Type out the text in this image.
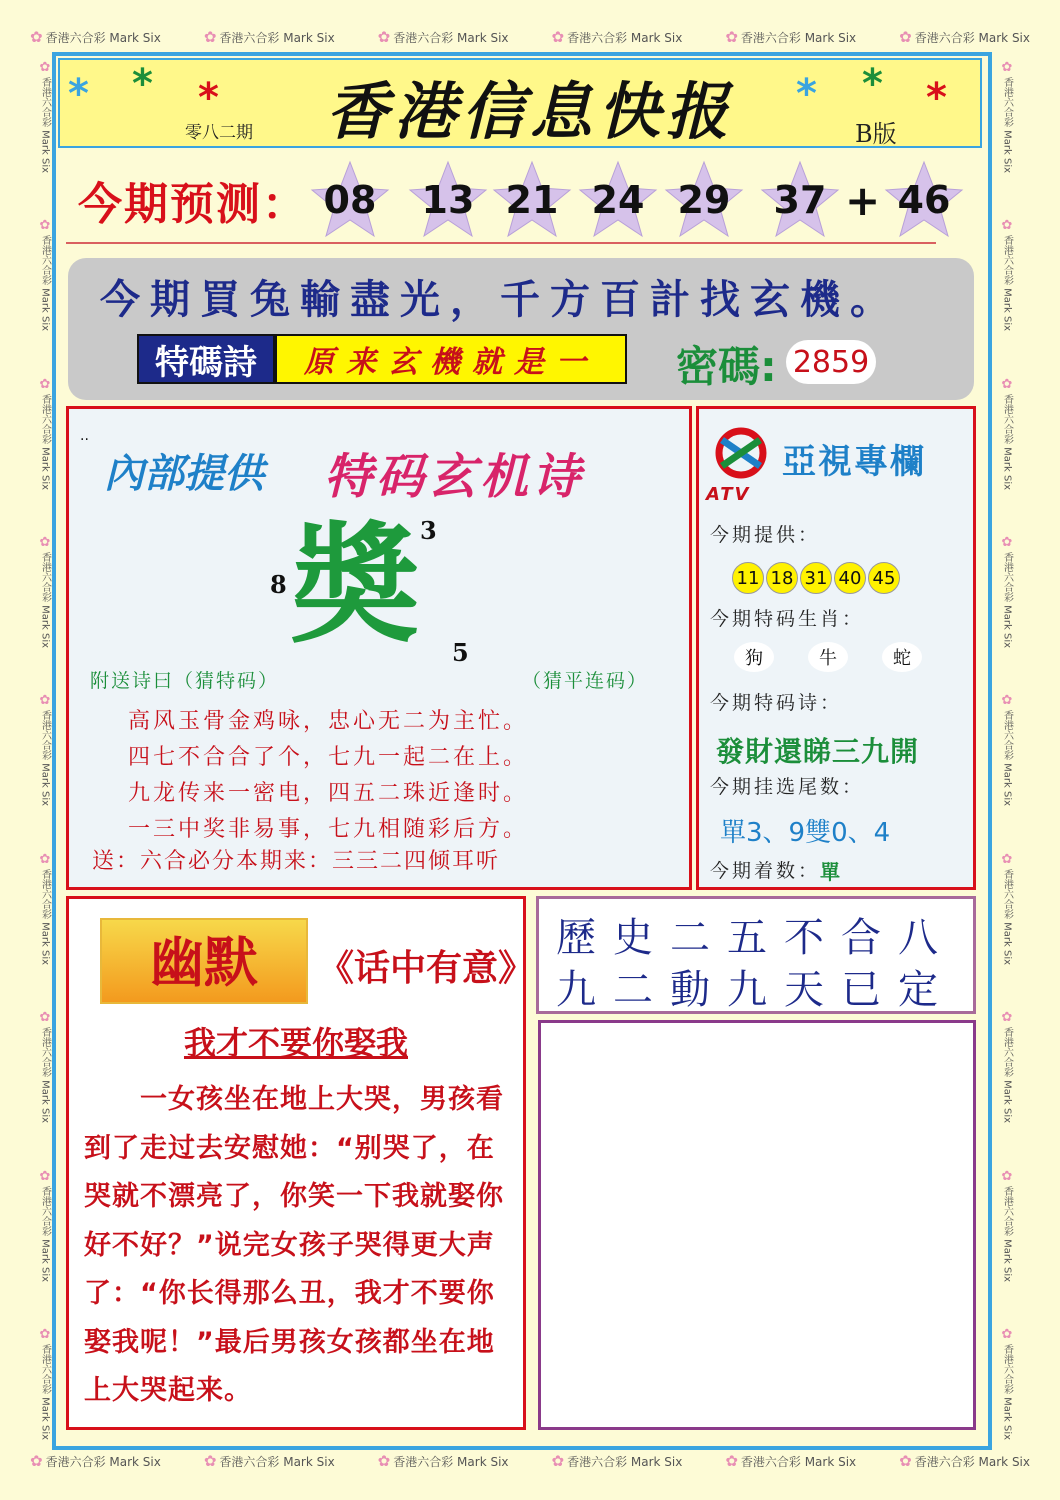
✿ 香港六合彩 Mark Six	✿ 香港六合彩 Mark Six	✿ 香港六合彩 Mark Six	✿ 香港六合彩 Mark Six	✿ 香港六合彩 Mark Six	✿ 香港六合彩 Mark Six
✿ 香港六合彩 Mark Six	✿ 香港六合彩 Mark Six	✿ 香港六合彩 Mark Six	✿ 香港六合彩 Mark Six	✿ 香港六合彩 Mark Six	✿ 香港六合彩 Mark Six
✿
香港六合彩 Mark Six
✿
香港六合彩 Mark Six
✿
香港六合彩 Mark Six
✿
香港六合彩 Mark Six
✿
香港六合彩 Mark Six
✿
香港六合彩 Mark Six
✿
香港六合彩 Mark Six
✿
香港六合彩 Mark Six
✿
香港六合彩 Mark Six
✿
香港六合彩 Mark Six
✿
香港六合彩 Mark Six
✿
香港六合彩 Mark Six
✿
香港六合彩 Mark Six
✿
香港六合彩 Mark Six
✿
香港六合彩 Mark Six
✿
香港六合彩 Mark Six
✿
香港六合彩 Mark Six
✿
香港六合彩 Mark Six
* * *	* * *
香港信息快报
零八二期	B版
今期预测： 08 13 21 24 29 37 46
+
今期買兔輸盡光，千方百計找玄機。
特碼詩	原来玄機就是一	密碼: 2859
..
內部提供 特码玄机诗
奬 3
8
5
附送诗曰（猜特码）	（猜平连码）
高风玉骨金鸡咏，忠心无二为主忙。
四七不合合了个，七九一起二在上。
九龙传来一密电，四五二珠近逢时。
一三中奖非易事，七九相随彩后方。
送：六合必分本期来：三三二四倾耳听
亞視專欄
ATV
今期提供：
11 18 31 40 45
今期特码生肖：
狗	牛	蛇
今期特码诗：
發財還睇三九開
今期挂选尾数：
單3、9雙0、4
今期着数： 單
幽默	《话中有意》
我才不要你娶我
　　一女孩坐在地上大哭，男孩看到了走过去安慰她：“别哭了，在哭就不漂亮了，你笑一下我就娶你好不好？”说完女孩子哭得更大声了：“你长得那么丑，我才不要你娶我呢！”最后男孩女孩都坐在地上大哭起来。
歷史二五不合八
九二動九天已定
